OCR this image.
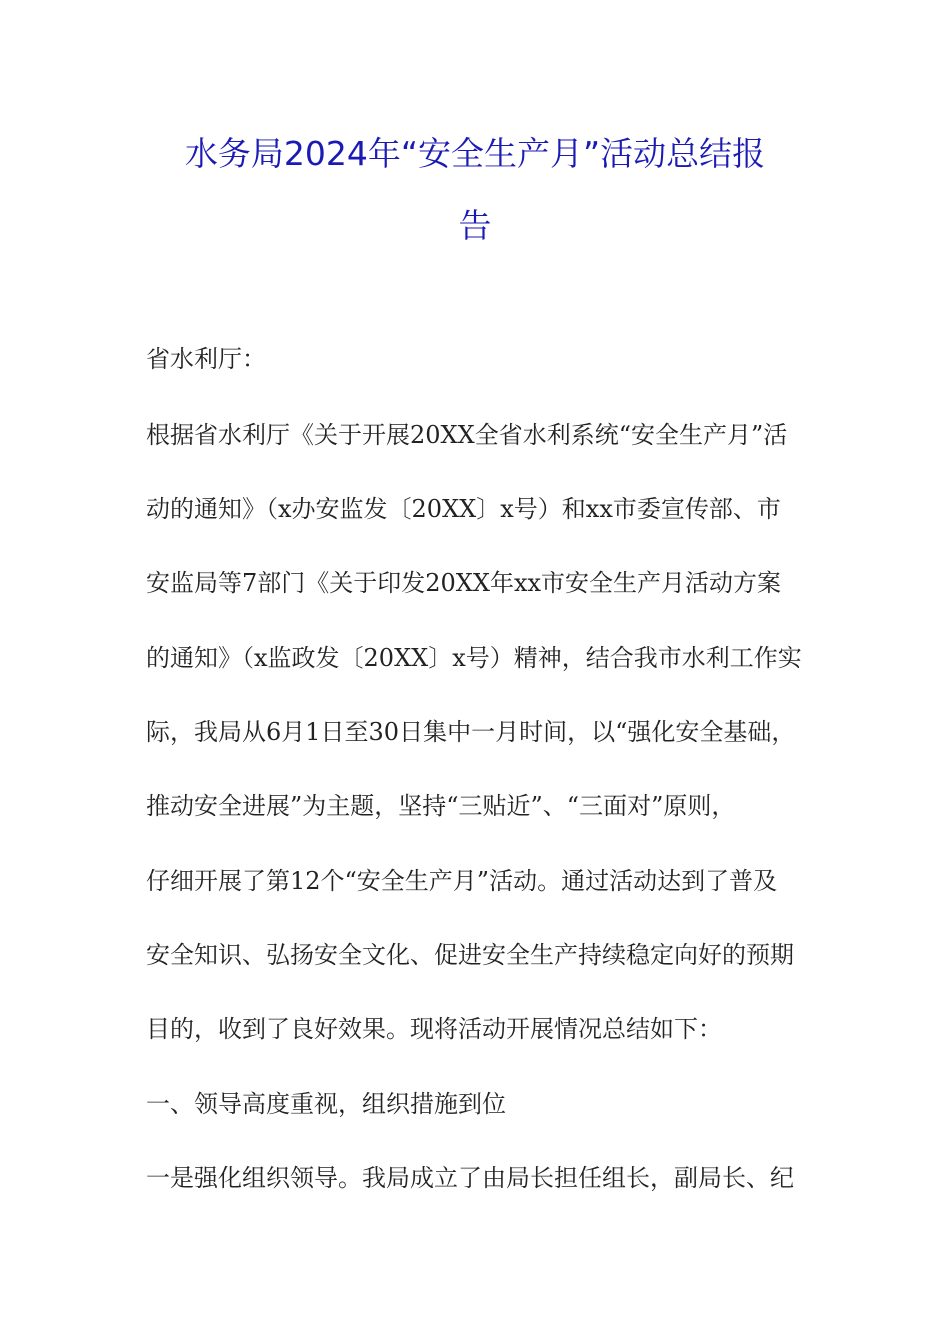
水务局2024年“安全生产月”活动总结报
告
省水利厅：
根据省水利厅《关于开展20XX全省水利系统“安全生产月”活
动的通知》（x办安监发〔20XX〕x号）和xx市委宣传部、市
安监局等7部门《关于印发20XX年xx市安全生产月活动方案
的通知》（x监政发〔20XX〕x号）精神，结合我市水利工作实
际，我局从6月1日至30日集中一月时间，以“强化安全基础，
推动安全进展”为主题，坚持“三贴近”、“三面对”原则，
仔细开展了第12个“安全生产月”活动。通过活动达到了普及
安全知识、弘扬安全文化、促进安全生产持续稳定向好的预期
目的，收到了良好效果。现将活动开展情况总结如下：
一、领导高度重视，组织措施到位
一是强化组织领导。我局成立了由局长担任组长，副局长、纪
